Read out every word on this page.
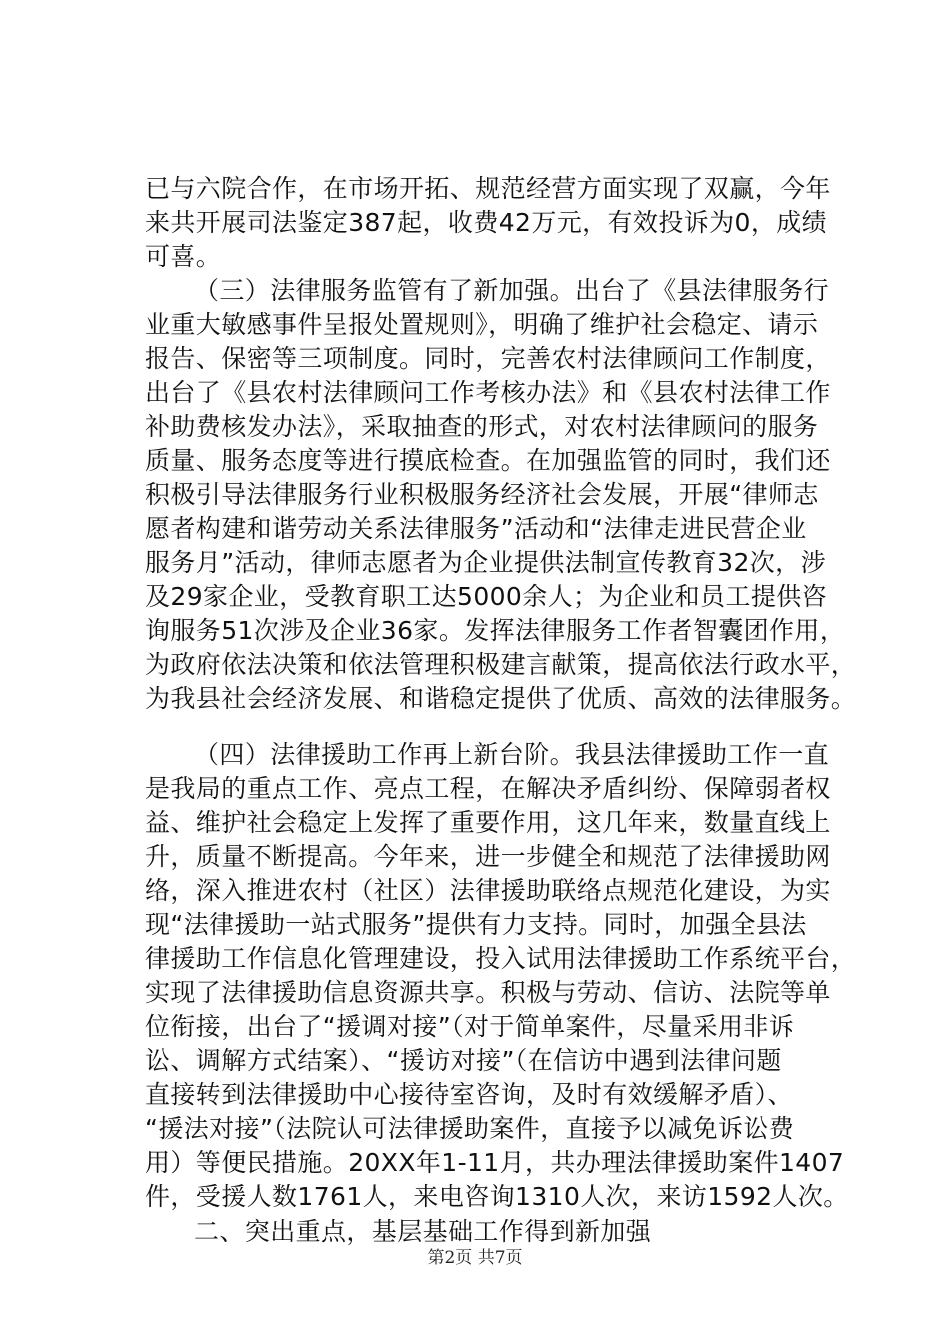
已与六院合作，在市场开拓、规范经营方面实现了双赢，今年
来共开展司法鉴定387起，收费42万元，有效投诉为0，成绩
可喜。
（三）法律服务监管有了新加强。出台了《县法律服务行
业重大敏感事件呈报处置规则》，明确了维护社会稳定、请示
报告、保密等三项制度。同时，完善农村法律顾问工作制度，
出台了《县农村法律顾问工作考核办法》和《县农村法律工作
补助费核发办法》，采取抽查的形式，对农村法律顾问的服务
质量、服务态度等进行摸底检查。在加强监管的同时，我们还
积极引导法律服务行业积极服务经济社会发展，开展“律师志
愿者构建和谐劳动关系法律服务”活动和“法律走进民营企业
服务月”活动，律师志愿者为企业提供法制宣传教育32次，涉
及29家企业，受教育职工达5000余人；为企业和员工提供咨
询服务51次涉及企业36家。发挥法律服务工作者智囊团作用，
为政府依法决策和依法管理积极建言献策，提高依法行政水平，
为我县社会经济发展、和谐稳定提供了优质、高效的法律服务。
（四）法律援助工作再上新台阶。我县法律援助工作一直
是我局的重点工作、亮点工程，在解决矛盾纠纷、保障弱者权
益、维护社会稳定上发挥了重要作用，这几年来，数量直线上
升，质量不断提高。今年来，进一步健全和规范了法律援助网
络，深入推进农村（社区）法律援助联络点规范化建设，为实
现“法律援助一站式服务”提供有力支持。同时，加强全县法
律援助工作信息化管理建设，投入试用法律援助工作系统平台，
实现了法律援助信息资源共享。积极与劳动、信访、法院等单
位衔接，出台了“援调对接”（对于简单案件，尽量采用非诉
讼、调解方式结案）、“援访对接”（在信访中遇到法律问题
直接转到法律援助中心接待室咨询，及时有效缓解矛盾）、
“援法对接”（法院认可法律援助案件，直接予以减免诉讼费
用）等便民措施。20XX年1-11月，共办理法律援助案件1407
件，受援人数1761人，来电咨询1310人次，来访1592人次。
二、突出重点，基层基础工作得到新加强
第2页 共7页
